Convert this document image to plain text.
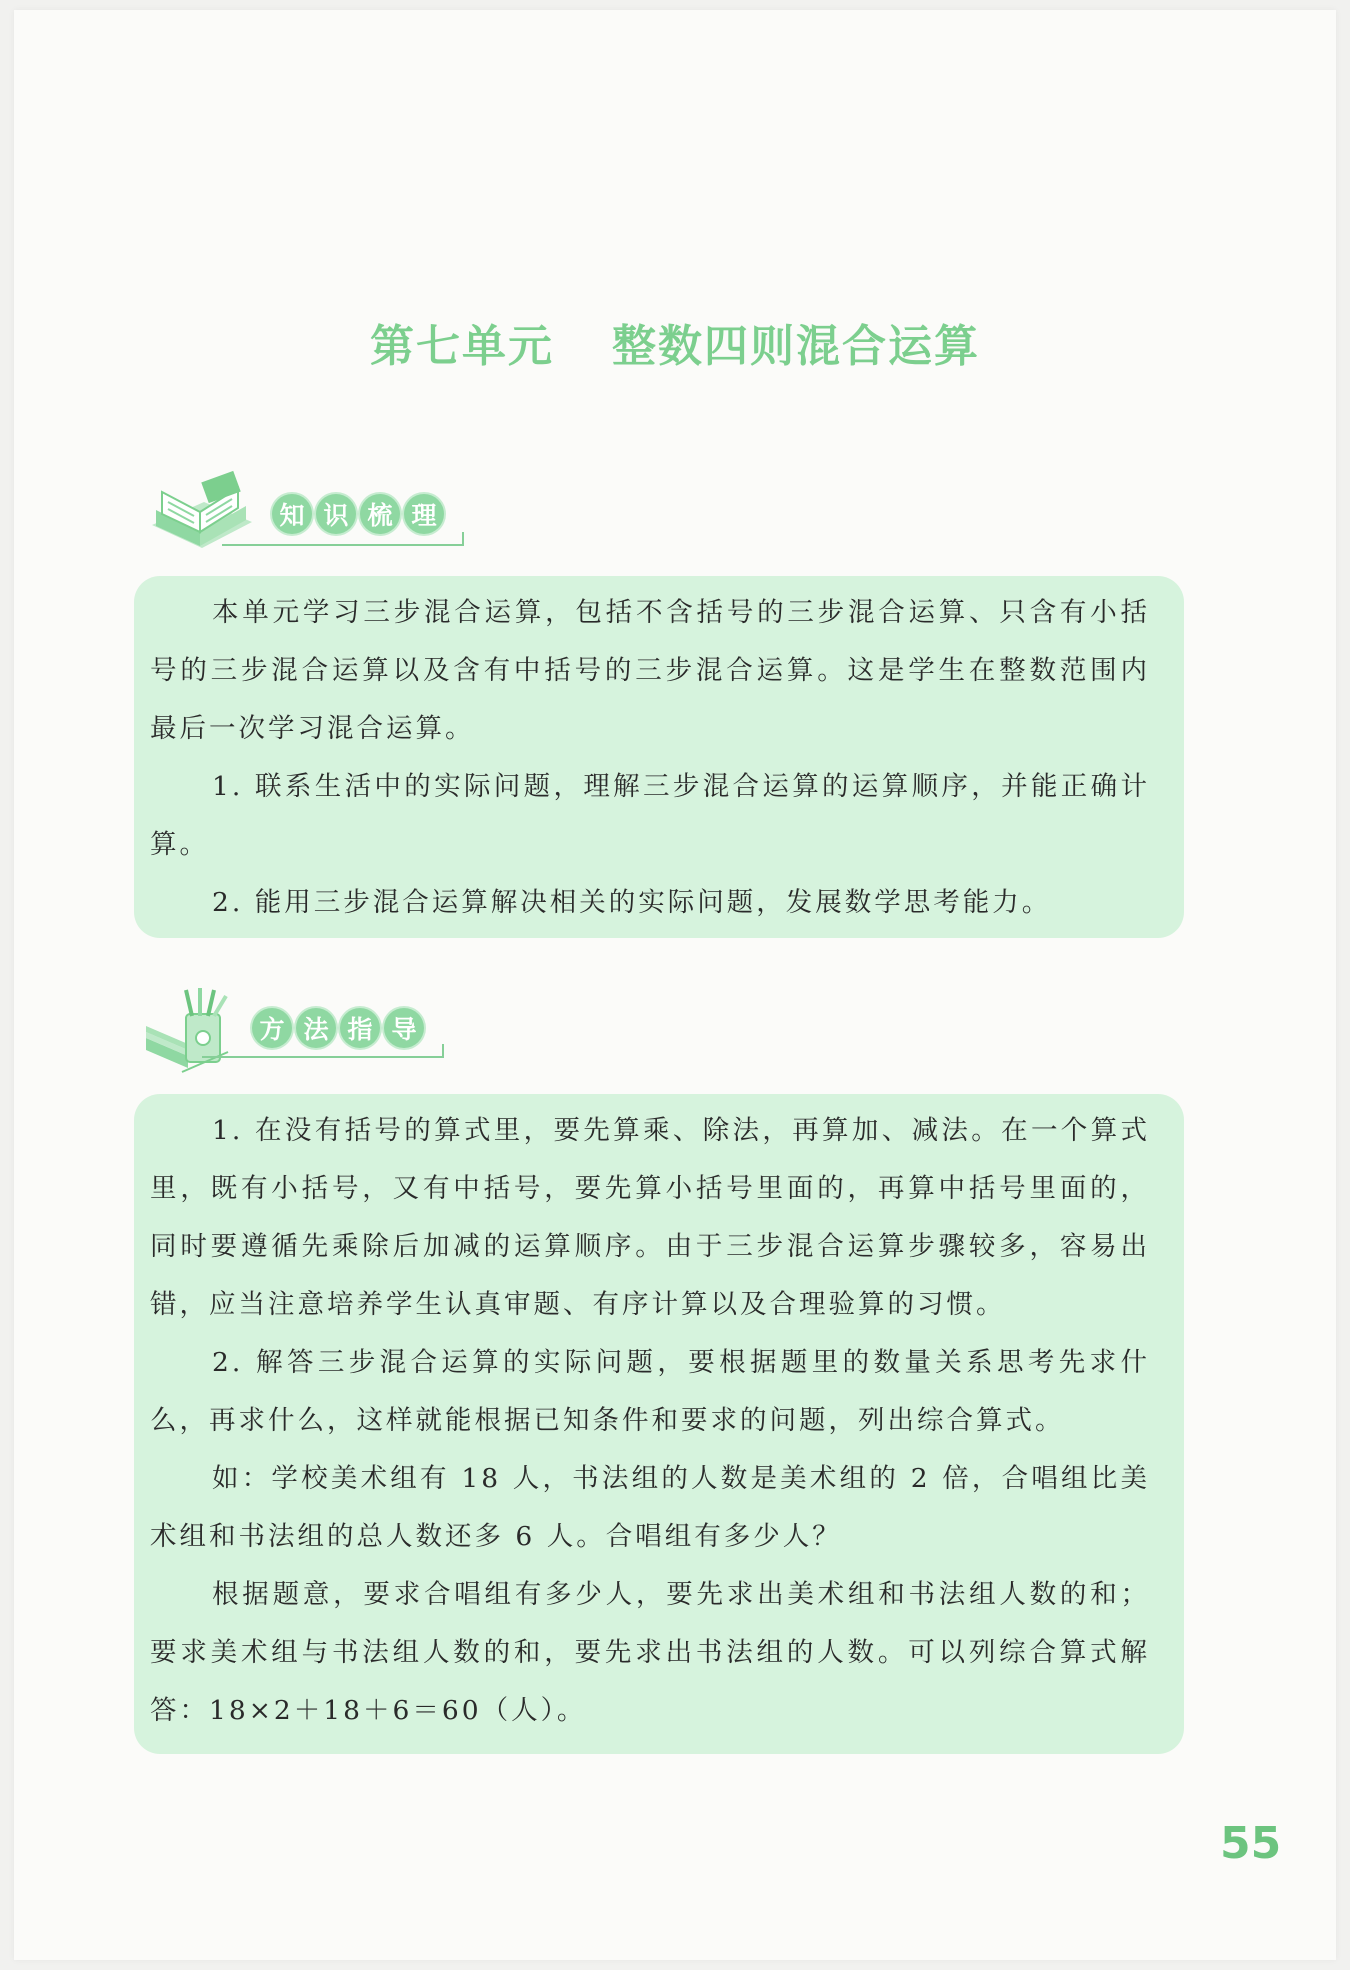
第七单元 整数四则混合运算
知 识 梳 理

本单元学习三步混合运算，包括不含括号的三步混合运算、只含有小括号的三步混合运算以及含有中括号的三步混合运算。这是学生在整数范围内最后一次学习混合运算。

1. 联系生活中的实际问题，理解三步混合运算的运算顺序，并能正确计算。

2. 能用三步混合运算解决相关的实际问题，发展数学思考能力。

方 法 指 导

1. 在没有括号的算式里，要先算乘、除法，再算加、减法。在一个算式里，既有小括号，又有中括号，要先算小括号里面的，再算中括号里面的，同时要遵循先乘除后加减的运算顺序。由于三步混合运算步骤较多，容易出错，应当注意培养学生认真审题、有序计算以及合理验算的习惯。

2. 解答三步混合运算的实际问题，要根据题里的数量关系思考先求什么，再求什么，这样就能根据已知条件和要求的问题，列出综合算式。

如：学校美术组有 18 人，书法组的人数是美术组的 2 倍，合唱组比美术组和书法组的总人数还多 6 人。合唱组有多少人？

根据题意，要求合唱组有多少人，要先求出美术组和书法组人数的和；要求美术组与书法组人数的和，要先求出书法组的人数。可以列综合算式解答：18×2＋18＋6＝60（人）。

55
